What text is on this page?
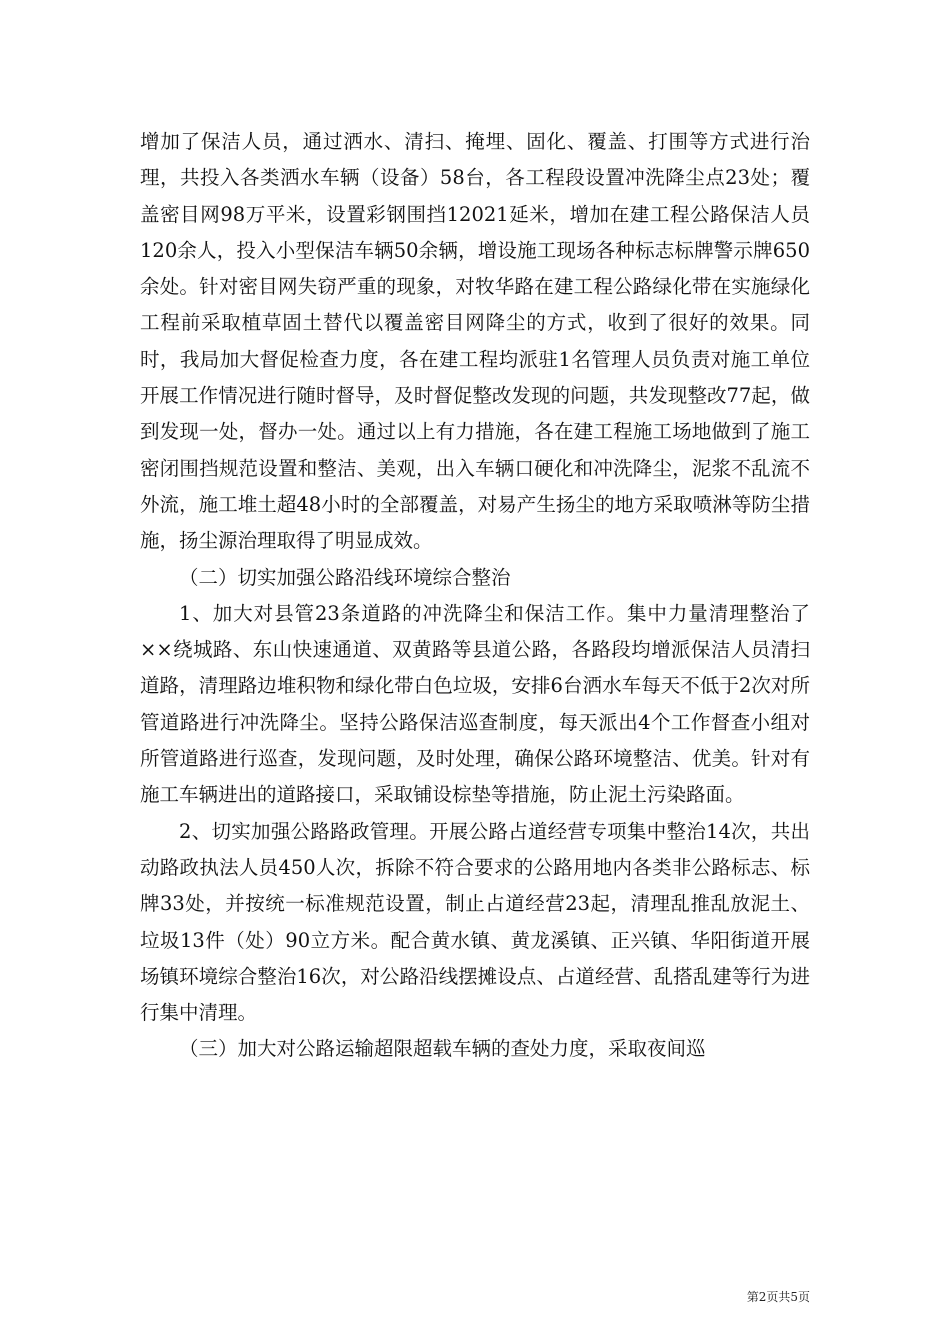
增加了保洁人员，通过洒水、清扫、掩埋、固化、覆盖、打围等方式进行治理，共投入各类洒水车辆（设备）58台，各工程段设置冲洗降尘点23处；覆盖密目网98万平米，设置彩钢围挡12021延米，增加在建工程公路保洁人员120余人，投入小型保洁车辆50余辆，增设施工现场各种标志标牌警示牌650余处。针对密目网失窃严重的现象，对牧华路在建工程公路绿化带在实施绿化工程前采取植草固土替代以覆盖密目网降尘的方式，收到了很好的效果。同时，我局加大督促检查力度，各在建工程均派驻1名管理人员负责对施工单位开展工作情况进行随时督导，及时督促整改发现的问题，共发现整改77起，做到发现一处，督办一处。通过以上有力措施，各在建工程施工场地做到了施工密闭围挡规范设置和整洁、美观，出入车辆口硬化和冲洗降尘，泥浆不乱流不外流，施工堆土超48小时的全部覆盖，对易产生扬尘的地方采取喷淋等防尘措施，扬尘源治理取得了明显成效。

（二）切实加强公路沿线环境综合整治

1、加大对县管23条道路的冲洗降尘和保洁工作。集中力量清理整治了××绕城路、东山快速通道、双黄路等县道公路，各路段均增派保洁人员清扫道路，清理路边堆积物和绿化带白色垃圾，安排6台洒水车每天不低于2次对所管道路进行冲洗降尘。坚持公路保洁巡查制度，每天派出4个工作督查小组对所管道路进行巡查，发现问题，及时处理，确保公路环境整洁、优美。针对有施工车辆进出的道路接口，采取铺设棕垫等措施，防止泥土污染路面。

2、切实加强公路路政管理。开展公路占道经营专项集中整治14次，共出动路政执法人员450人次，拆除不符合要求的公路用地内各类非公路标志、标牌33处，并按统一标准规范设置，制止占道经营23起，清理乱推乱放泥土、垃圾13件（处）90立方米。配合黄水镇、黄龙溪镇、正兴镇、华阳街道开展场镇环境综合整治16次，对公路沿线摆摊设点、占道经营、乱搭乱建等行为进行集中清理。

（三）加大对公路运输超限超载车辆的查处力度，采取夜间巡

第2页共5页
